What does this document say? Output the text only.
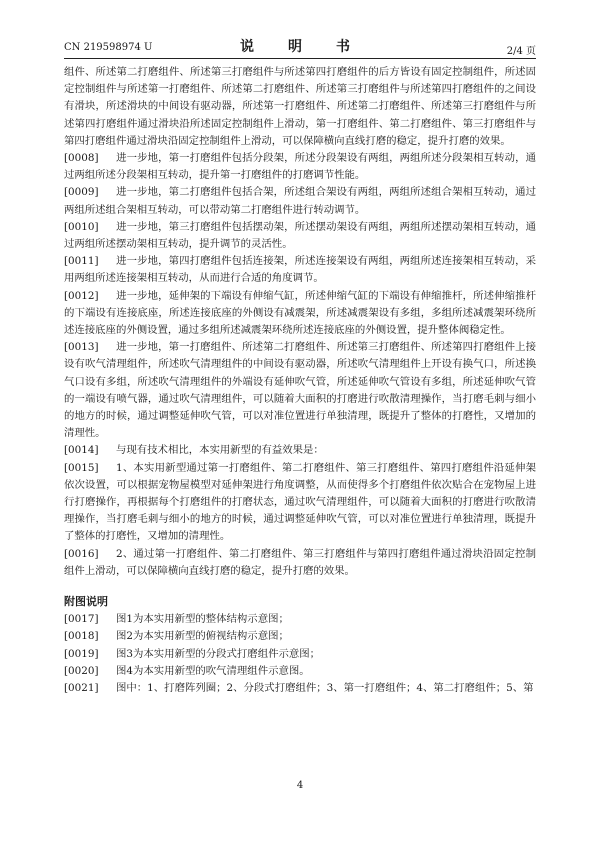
CN 219598974 U	说　明　书	2/4 页

组件、所述第二打磨组件、所述第三打磨组件与所述第四打磨组件的后方皆设有固定控制组件，所述固定控制组件与所述第一打磨组件、所述第二打磨组件、所述第三打磨组件与所述第四打磨组件的之间设有滑块，所述滑块的中间设有驱动器，所述第一打磨组件、所述第二打磨组件、所述第三打磨组件与所述第四打磨组件通过滑块沿所述固定控制组件上滑动，第一打磨组件、第二打磨组件、第三打磨组件与第四打磨组件通过滑块沿固定控制组件上滑动，可以保障横向直线打磨的稳定，提升打磨的效果。

[0008] 进一步地，第一打磨组件包括分段架，所述分段架设有两组，两组所述分段架相互转动，通过两组所述分段架相互转动，提升第一打磨组件的打磨调节性能。

[0009] 进一步地，第二打磨组件包括合架，所述组合架设有两组，两组所述组合架相互转动，通过两组所述组合架相互转动，可以带动第二打磨组件进行转动调节。

[0010] 进一步地，第三打磨组件包括摆动架，所述摆动架设有两组，两组所述摆动架相互转动，通过两组所述摆动架相互转动，提升调节的灵活性。

[0011] 进一步地，第四打磨组件包括连接架，所述连接架设有两组，两组所述连接架相互转动，采用两组所述连接架相互转动，从而进行合适的角度调节。

[0012] 进一步地，延伸架的下端设有伸缩气缸，所述伸缩气缸的下端设有伸缩推杆，所述伸缩推杆的下端设有连接底座，所述连接底座的外侧设有减震架，所述减震架设有多组，多组所述减震架环绕所述连接底座的外侧设置，通过多组所述减震架环绕所述连接底座的外侧设置，提升整体阀稳定性。

[0013] 进一步地，第一打磨组件、所述第二打磨组件、所述第三打磨组件、所述第四打磨组件上接设有吹气清理组件，所述吹气清理组件的中间设有驱动器，所述吹气清理组件上开设有换气口，所述换气口设有多组，所述吹气清理组件的外端设有延伸吹气管，所述延伸吹气管设有多组，所述延伸吹气管的一端设有喷气器，通过吹气清理组件，可以随着大面积的打磨进行吹散清理操作，当打磨毛刺与细小的地方的时候，通过调整延伸吹气管，可以对准位置进行单独清理，既提升了整体的打磨性，又增加的清理性。

[0014] 与现有技术相比，本实用新型的有益效果是：

[0015] 1、本实用新型通过第一打磨组件、第二打磨组件、第三打磨组件、第四打磨组件沿延伸架依次设置，可以根据宠物屋模型对延伸架进行角度调整，从而使得多个打磨组件依次贴合在宠物屋上进行打磨操作，再根据每个打磨组件的打磨状态，通过吹气清理组件，可以随着大面积的打磨进行吹散清理操作，当打磨毛刺与细小的地方的时候，通过调整延伸吹气管，可以对准位置进行单独清理，既提升了整体的打磨性，又增加的清理性。

[0016] 2、通过第一打磨组件、第二打磨组件、第三打磨组件与第四打磨组件通过滑块沿固定控制组件上滑动，可以保障横向直线打磨的稳定，提升打磨的效果。

附图说明

[0017] 图1为本实用新型的整体结构示意图；

[0018] 图2为本实用新型的俯视结构示意图；

[0019] 图3为本实用新型的分段式打磨组件示意图；

[0020] 图4为本实用新型的吹气清理组件示意图。

[0021] 图中：1、打磨阵列圈；2、分段式打磨组件；3、第一打磨组件；4、第二打磨组件；5、第

4
